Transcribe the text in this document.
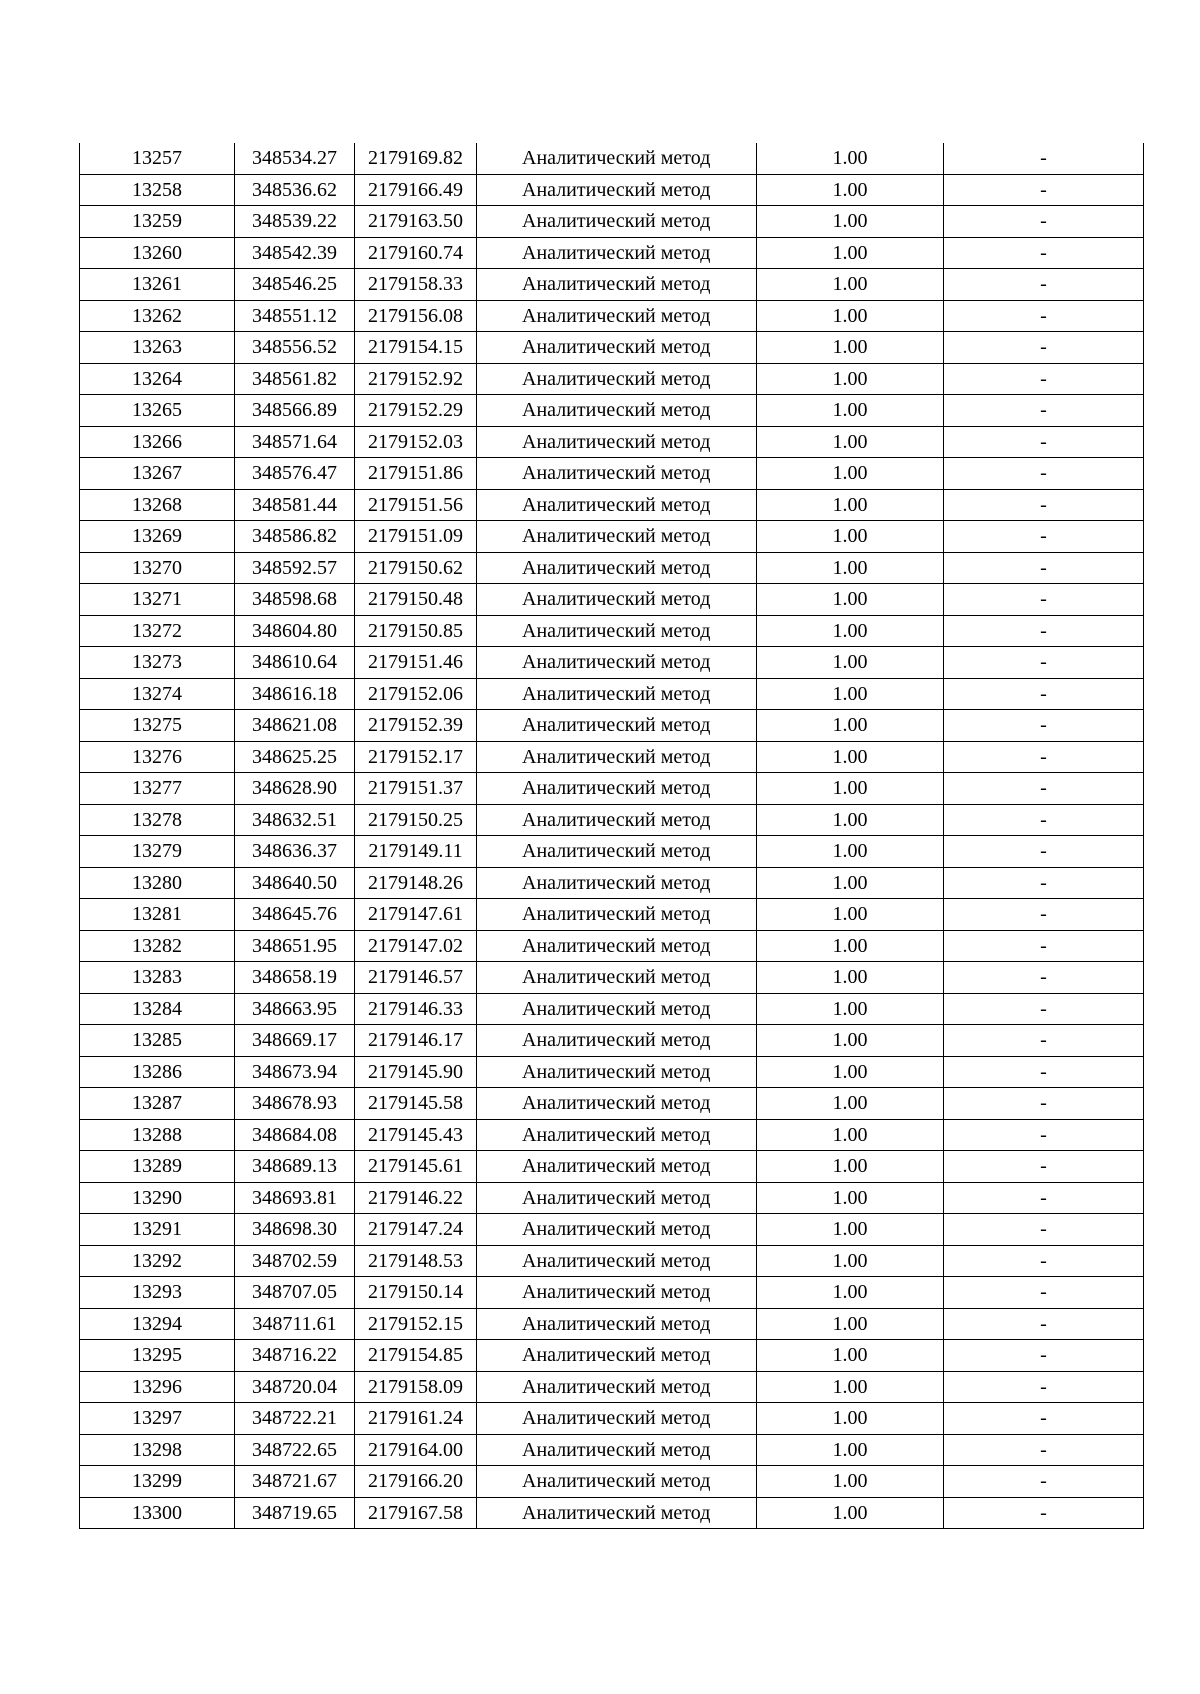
13257	348534.27	2179169.82	Аналитический метод	1.00	-
13258	348536.62	2179166.49	Аналитический метод	1.00	-
13259	348539.22	2179163.50	Аналитический метод	1.00	-
13260	348542.39	2179160.74	Аналитический метод	1.00	-
13261	348546.25	2179158.33	Аналитический метод	1.00	-
13262	348551.12	2179156.08	Аналитический метод	1.00	-
13263	348556.52	2179154.15	Аналитический метод	1.00	-
13264	348561.82	2179152.92	Аналитический метод	1.00	-
13265	348566.89	2179152.29	Аналитический метод	1.00	-
13266	348571.64	2179152.03	Аналитический метод	1.00	-
13267	348576.47	2179151.86	Аналитический метод	1.00	-
13268	348581.44	2179151.56	Аналитический метод	1.00	-
13269	348586.82	2179151.09	Аналитический метод	1.00	-
13270	348592.57	2179150.62	Аналитический метод	1.00	-
13271	348598.68	2179150.48	Аналитический метод	1.00	-
13272	348604.80	2179150.85	Аналитический метод	1.00	-
13273	348610.64	2179151.46	Аналитический метод	1.00	-
13274	348616.18	2179152.06	Аналитический метод	1.00	-
13275	348621.08	2179152.39	Аналитический метод	1.00	-
13276	348625.25	2179152.17	Аналитический метод	1.00	-
13277	348628.90	2179151.37	Аналитический метод	1.00	-
13278	348632.51	2179150.25	Аналитический метод	1.00	-
13279	348636.37	2179149.11	Аналитический метод	1.00	-
13280	348640.50	2179148.26	Аналитический метод	1.00	-
13281	348645.76	2179147.61	Аналитический метод	1.00	-
13282	348651.95	2179147.02	Аналитический метод	1.00	-
13283	348658.19	2179146.57	Аналитический метод	1.00	-
13284	348663.95	2179146.33	Аналитический метод	1.00	-
13285	348669.17	2179146.17	Аналитический метод	1.00	-
13286	348673.94	2179145.90	Аналитический метод	1.00	-
13287	348678.93	2179145.58	Аналитический метод	1.00	-
13288	348684.08	2179145.43	Аналитический метод	1.00	-
13289	348689.13	2179145.61	Аналитический метод	1.00	-
13290	348693.81	2179146.22	Аналитический метод	1.00	-
13291	348698.30	2179147.24	Аналитический метод	1.00	-
13292	348702.59	2179148.53	Аналитический метод	1.00	-
13293	348707.05	2179150.14	Аналитический метод	1.00	-
13294	348711.61	2179152.15	Аналитический метод	1.00	-
13295	348716.22	2179154.85	Аналитический метод	1.00	-
13296	348720.04	2179158.09	Аналитический метод	1.00	-
13297	348722.21	2179161.24	Аналитический метод	1.00	-
13298	348722.65	2179164.00	Аналитический метод	1.00	-
13299	348721.67	2179166.20	Аналитический метод	1.00	-
13300	348719.65	2179167.58	Аналитический метод	1.00	-
